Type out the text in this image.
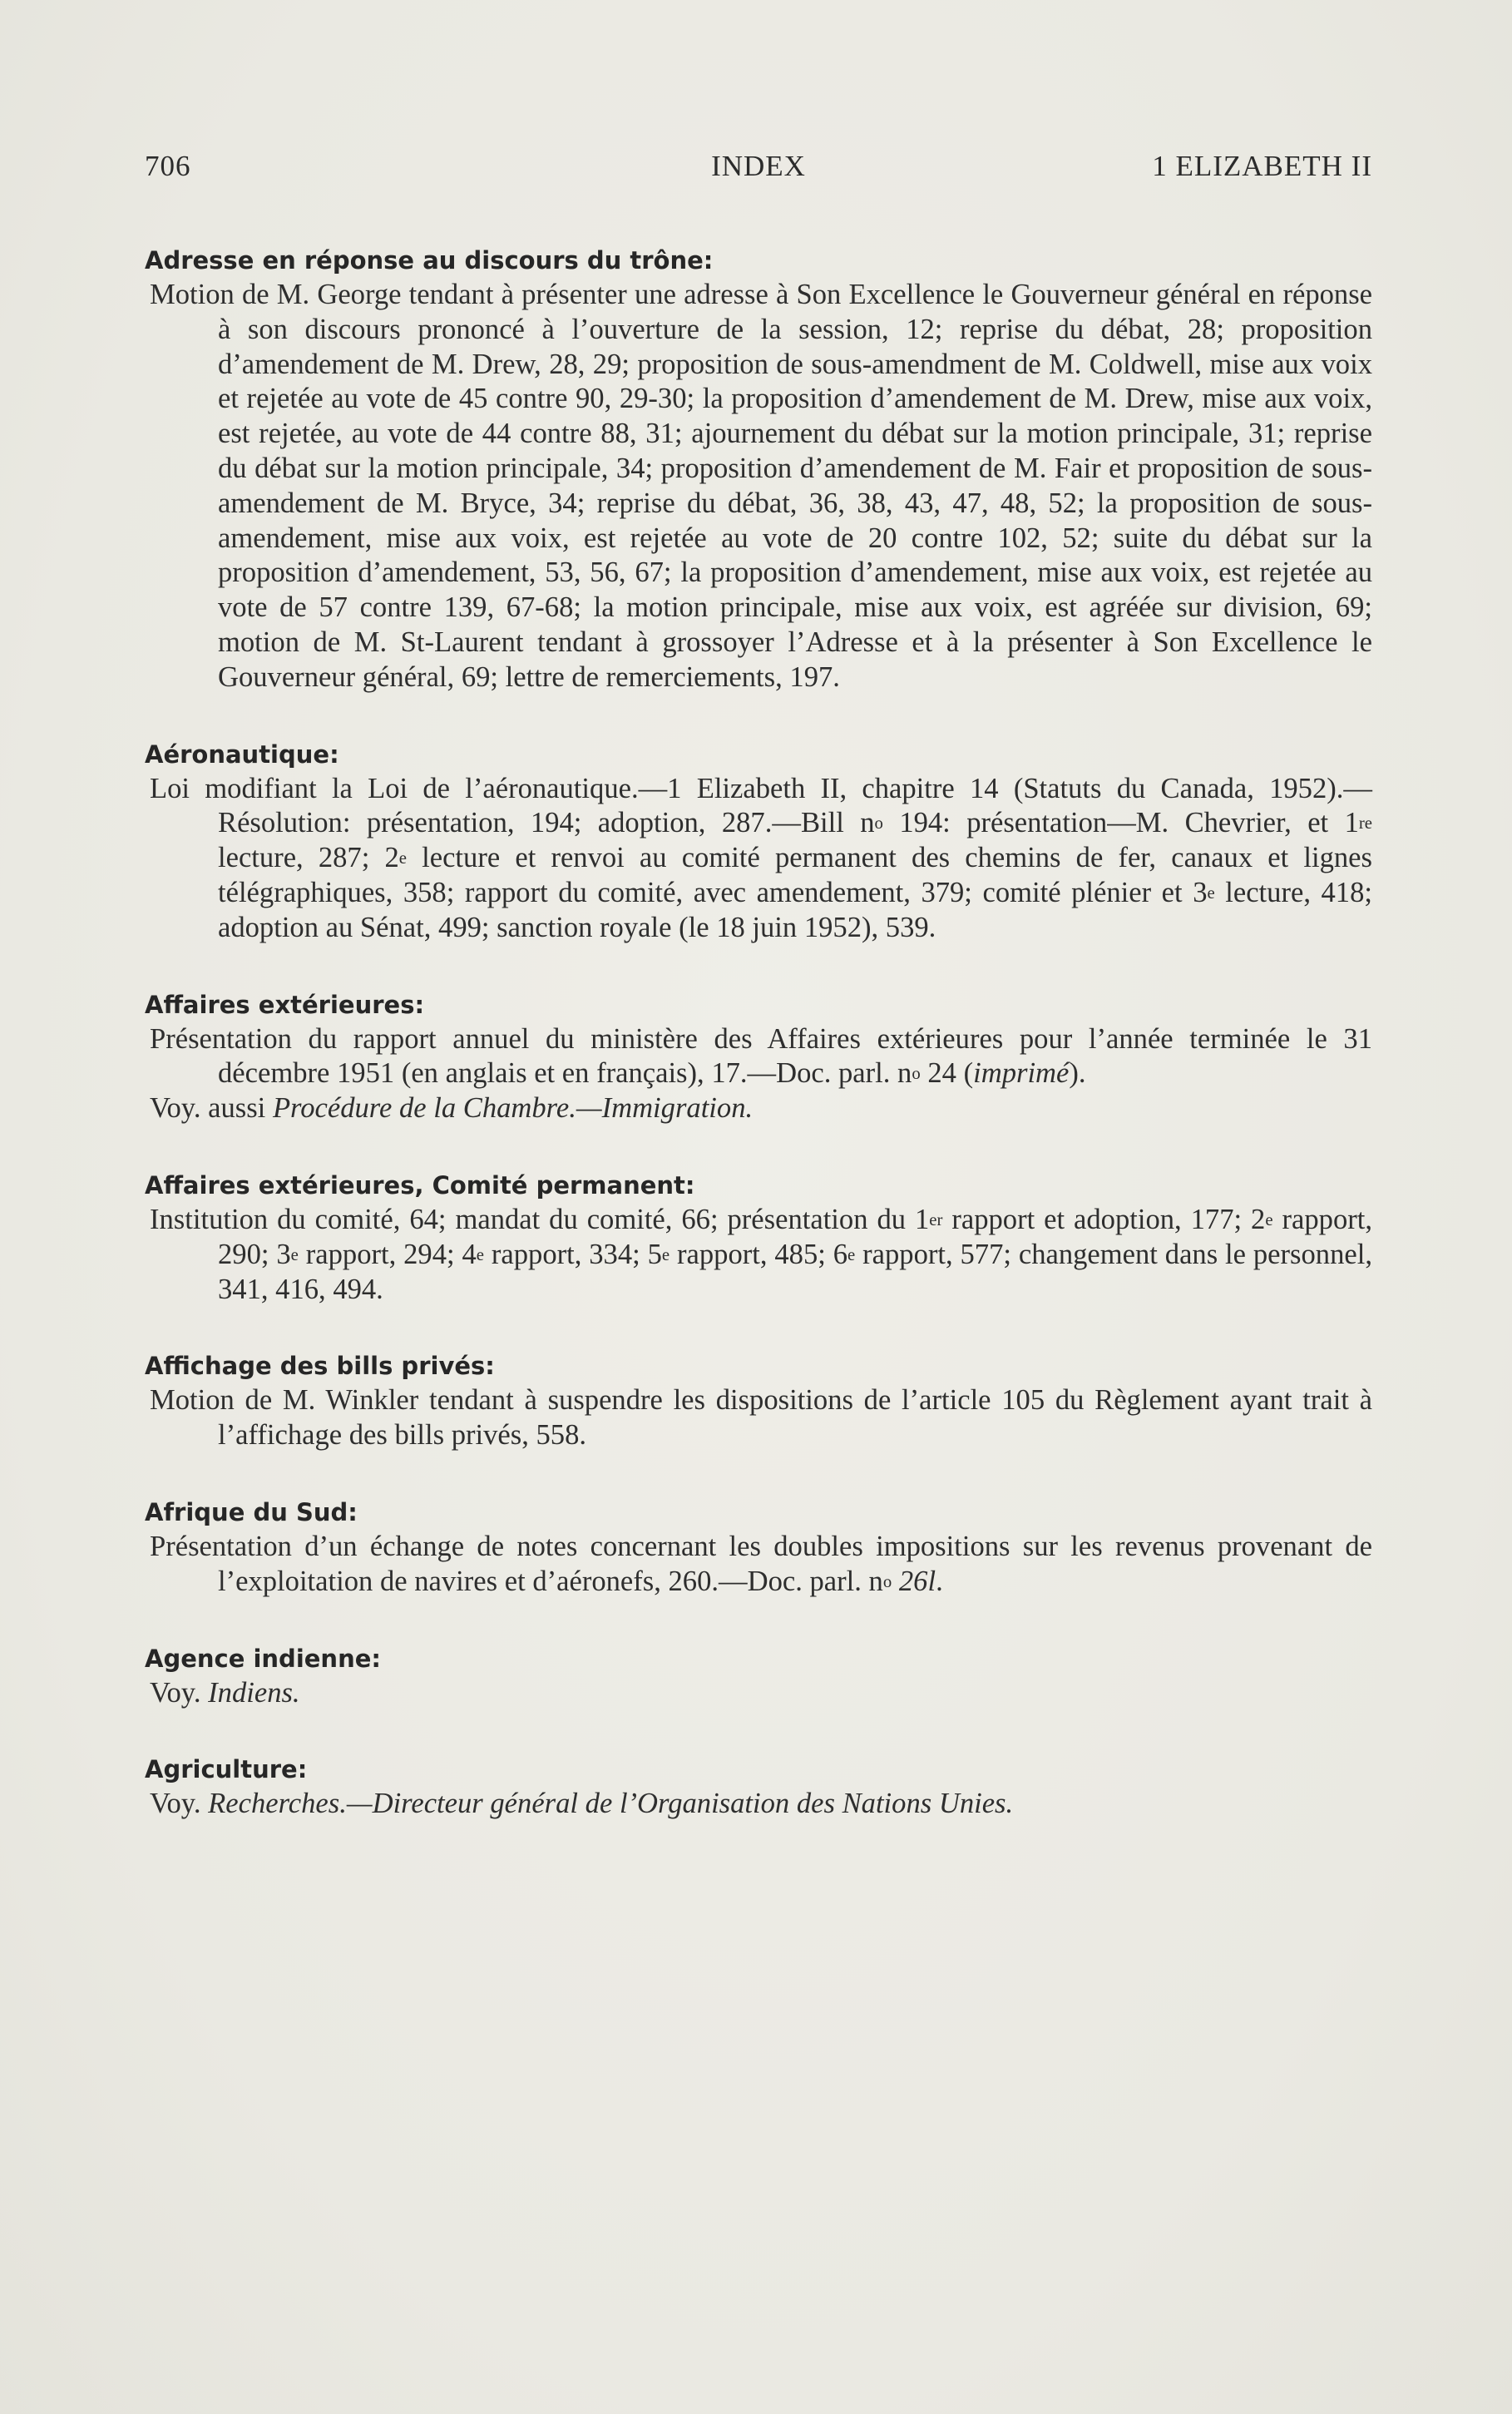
706	INDEX	1 ELIZABETH II
Adresse en réponse au discours du trône:

Motion de M. George tendant à présenter une adresse à Son Excellence le Gouverneur général en réponse à son discours prononcé à l’ouverture de la session, 12; reprise du débat, 28; proposition d’amendement de M. Drew, 28, 29; proposition de sous-amendment de M. Coldwell, mise aux voix et rejetée au vote de 45 contre 90, 29-30; la proposition d’amendement de M. Drew, mise aux voix, est rejetée, au vote de 44 contre 88, 31; ajournement du débat sur la motion principale, 31; reprise du débat sur la motion principale, 34; proposition d’amendement de M. Fair et proposition de sous-amendement de M. Bryce, 34; reprise du débat, 36, 38, 43, 47, 48, 52; la proposition de sous-amendement, mise aux voix, est rejetée au vote de 20 contre 102, 52; suite du débat sur la proposition d’amendement, 53, 56, 67; la proposition d’amendement, mise aux voix, est rejetée au vote de 57 contre 139, 67-68; la motion principale, mise aux voix, est agréée sur division, 69; motion de M. St-Laurent tendant à grossoyer l’Adresse et à la présenter à Son Excellence le Gouverneur général, 69; lettre de remerciements, 197.

Aéronautique:

Loi modifiant la Loi de l’aéronautique.—1 Elizabeth II, chapitre 14 (Statuts du Canada, 1952).—Résolution: présentation, 194; adoption, 287.—Bill $n^o$ 194: présentation—M. Chevrier, et 1re lecture, 287; 2e lecture et renvoi au comité permanent des chemins de fer, canaux et lignes télégraphiques, 358; rapport du comité, avec amendement, 379; comité plénier et 3e lecture, 418; adoption au Sénat, 499; sanction royale (le 18 juin 1952), 539.

Affaires extérieures:

Présentation du rapport annuel du ministère des Affaires extérieures pour l’année terminée le 31 décembre 1951 (en anglais et en français), 17.—Doc. parl. $n^o$ 24 (imprimé).

Voy. aussi Procédure de la Chambre.—Immigration.

Affaires extérieures, Comité permanent:

Institution du comité, 64; mandat du comité, 66; présentation du 1er rapport et adoption, 177; 2e rapport, 290; 3e rapport, 294; 4e rapport, 334; 5e rapport, 485; 6e rapport, 577; changement dans le personnel, 341, 416, 494.

Affichage des bills privés:

Motion de M. Winkler tendant à suspendre les dispositions de l’article 105 du Règlement ayant trait à l’affichage des bills privés, 558.

Afrique du Sud:

Présentation d’un échange de notes concernant les doubles impositions sur les revenus provenant de l’exploitation de navires et d’aéronefs, 260.—Doc. parl. $n^o$ 26l.

Agence indienne:

Voy. Indiens.

Agriculture:

Voy. Recherches.—Directeur général de l’Organisation des Nations Unies.
